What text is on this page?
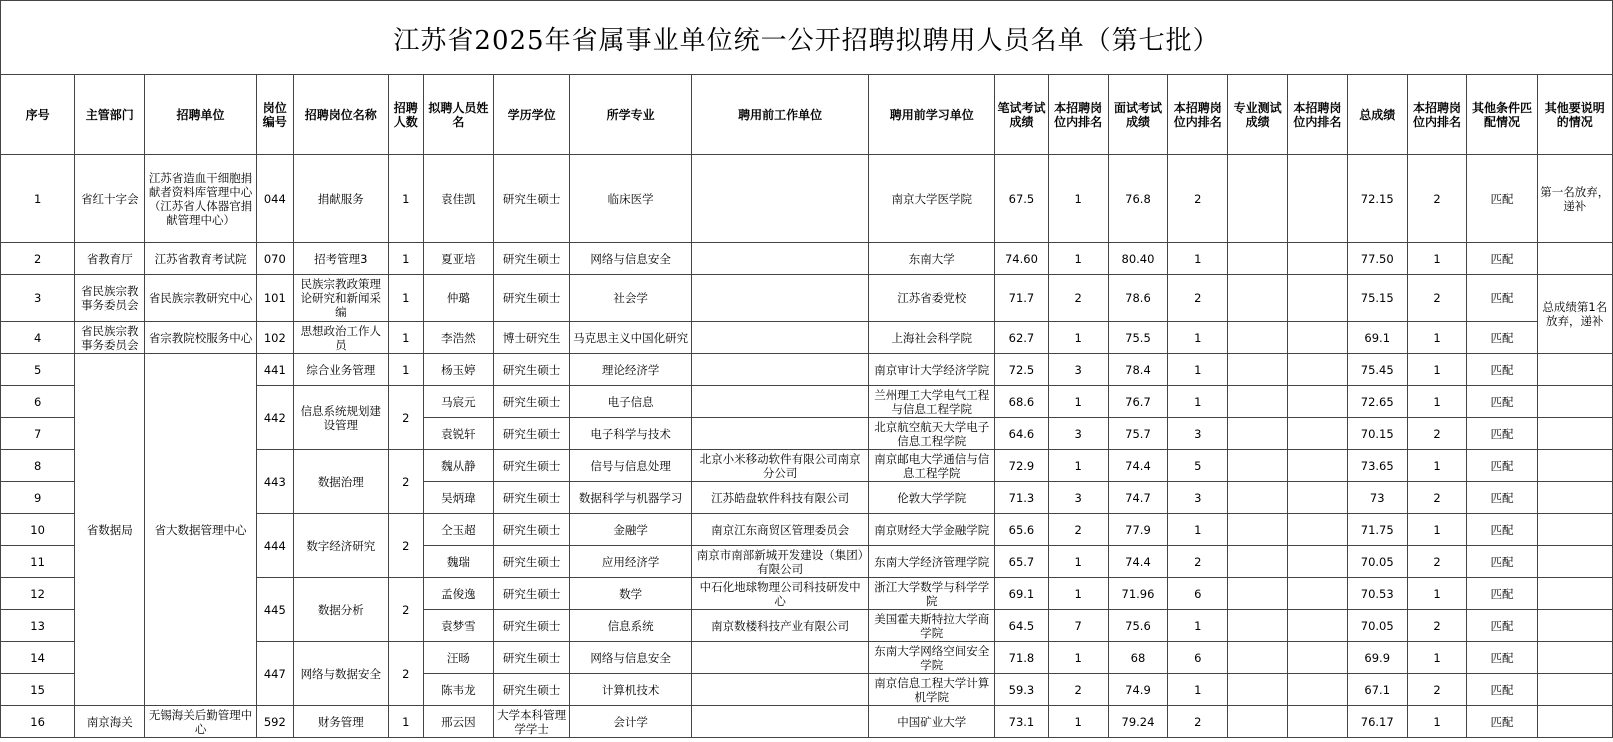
江苏省2025年省属事业单位统一公开招聘拟聘用人员名单（第七批）
序号	主管部门	招聘单位	岗位编号	招聘岗位名称	招聘人数	拟聘人员姓名	学历学位	所学专业	聘用前工作单位	聘用前学习单位	笔试考试成绩	本招聘岗位内排名	面试考试成绩	本招聘岗位内排名	专业测试成绩	本招聘岗位内排名	总成绩	本招聘岗位内排名	其他条件匹配情况	其他要说明的情况
1	省红十字会	江苏省造血干细胞捐献者资料库管理中心（江苏省人体器官捐献管理中心）	044	捐献服务	1	袁佳凯	研究生硕士	临床医学		南京大学医学院	67.5	1	76.8	2			72.15	2	匹配	第一名放弃，递补
2	省教育厅	江苏省教育考试院	070	招考管理3	1	夏亚培	研究生硕士	网络与信息安全		东南大学	74.60	1	80.40	1			77.50	1	匹配	
3	省民族宗教事务委员会	省民族宗教研究中心	101	民族宗教政策理论研究和新闻采编	1	仲璐	研究生硕士	社会学		江苏省委党校	71.7	2	78.6	2			75.15	2	匹配	总成绩第1名放弃，递补
4	省民族宗教事务委员会	省宗教院校服务中心	102	思想政治工作人员	1	李浩然	博士研究生	马克思主义中国化研究		上海社会科学院	62.7	1	75.5	1			69.1	1	匹配	
5	省数据局	省大数据管理中心	441	综合业务管理	1	杨玉婷	研究生硕士	理论经济学		南京审计大学经济学院	72.5	3	78.4	1			75.45	1	匹配	
6			442	信息系统规划建设管理	2	马宸元	研究生硕士	电子信息		兰州理工大学电气工程与信息工程学院	68.6	1	76.7	1			72.65	1	匹配	
7						袁锐轩	研究生硕士	电子科学与技术		北京航空航天大学电子信息工程学院	64.6	3	75.7	3			70.15	2	匹配	
8			443	数据治理	2	魏从静	研究生硕士	信号与信息处理	北京小米移动软件有限公司南京分公司	南京邮电大学通信与信息工程学院	72.9	1	74.4	5			73.65	1	匹配	
9						吴炳瑋	研究生硕士	数据科学与机器学习	江苏皓盘软件科技有限公司	伦敦大学学院	71.3	3	74.7	3			73	2	匹配	
10			444	数字经济研究	2	仝玉超	研究生硕士	金融学	南京江东商贸区管理委员会	南京财经大学金融学院	65.6	2	77.9	1			71.75	1	匹配	
11						魏瑞	研究生硕士	应用经济学	南京市南部新城开发建设（集团）有限公司	东南大学经济管理学院	65.7	1	74.4	2			70.05	2	匹配	
12			445	数据分析	2	孟俊逸	研究生硕士	数学	中石化地球物理公司科技研发中心	浙江大学数学与科学学院	69.1	1	71.96	6			70.53	1	匹配	
13						袁梦雪	研究生硕士	信息系统	南京数楼科技产业有限公司	美国霍夫斯特拉大学商学院	64.5	7	75.6	1			70.05	2	匹配	
14			447	网络与数据安全	2	汪旸	研究生硕士	网络与信息安全		东南大学网络空间安全学院	71.8	1	68	6			69.9	1	匹配	
15						陈韦龙	研究生硕士	计算机技术		南京信息工程大学计算机学院	59.3	2	74.9	1			67.1	2	匹配	
16	南京海关	无锡海关后勤管理中心	592	财务管理	1	邢云因	大学本科管理学学士	会计学		中国矿业大学	73.1	1	79.24	2			76.17	1	匹配	
